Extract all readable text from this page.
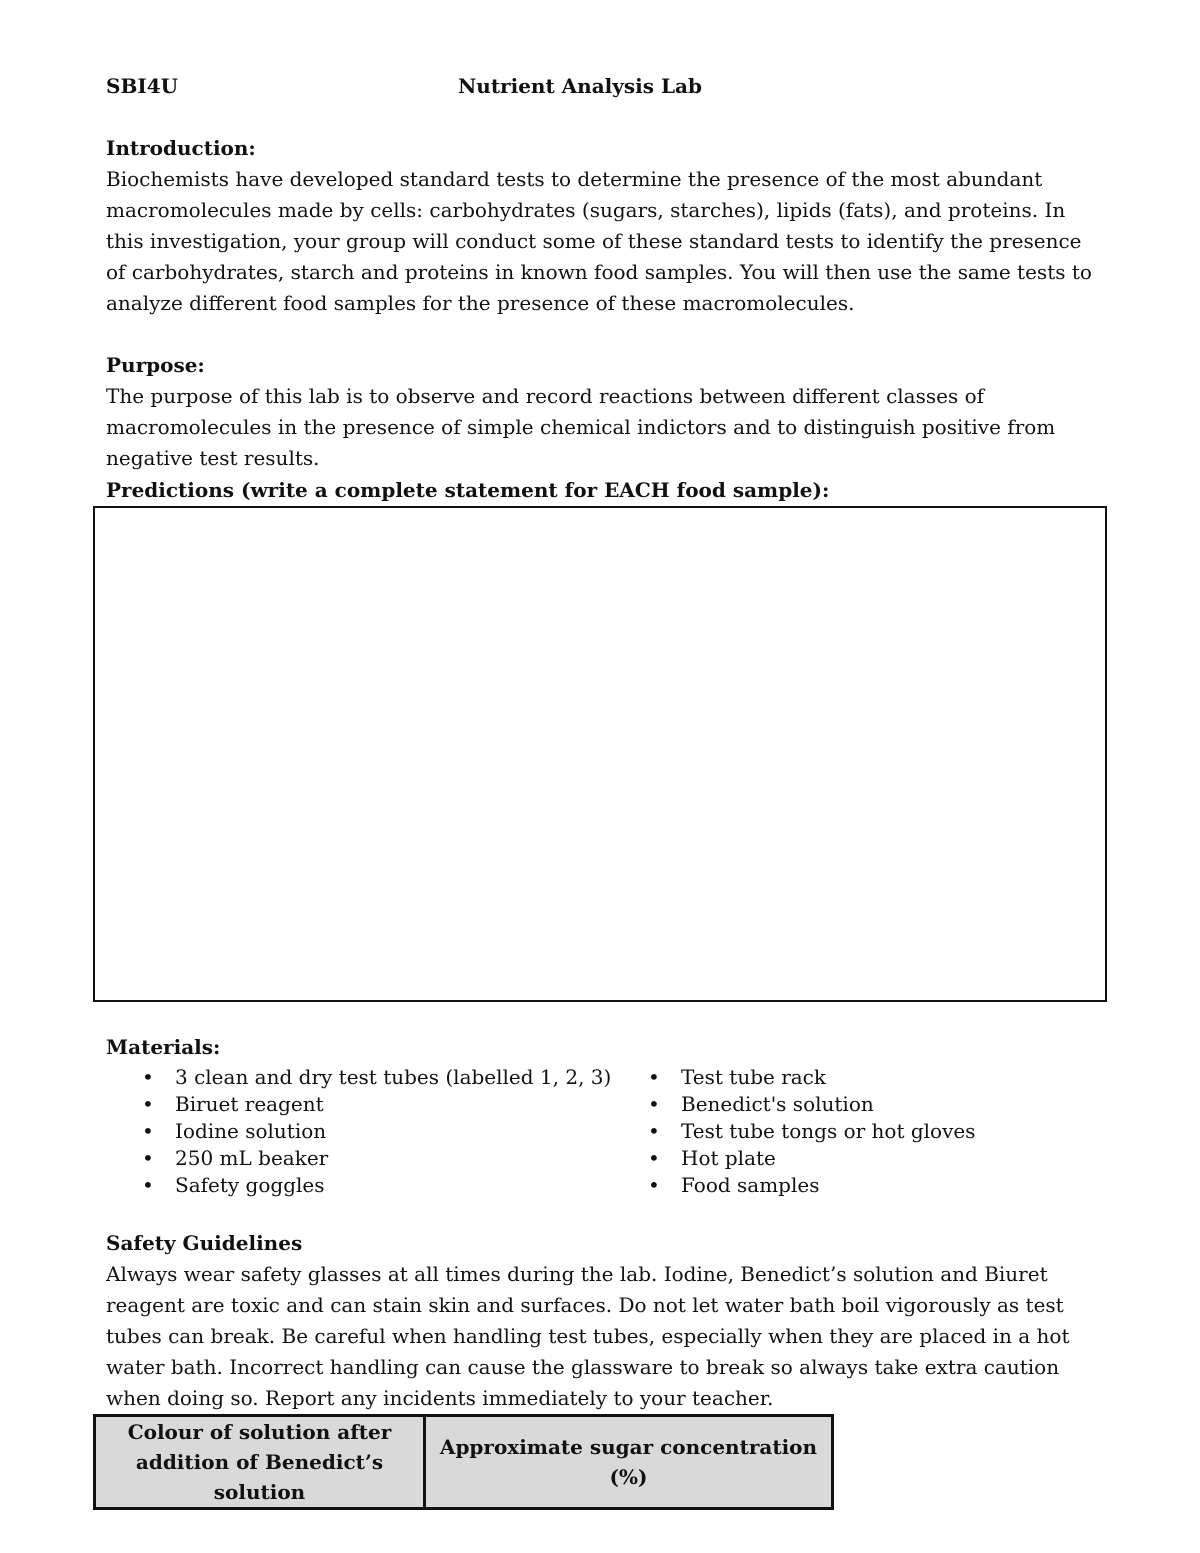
SBI4U	Nutrient Analysis Lab
Introduction:
Biochemists have developed standard tests to determine the presence of the most abundant macromolecules made by cells: carbohydrates (sugars, starches), lipids (fats), and proteins. In this investigation, your group will conduct some of these standard tests to identify the presence of carbohydrates, starch and proteins in known food samples. You will then use the same tests to analyze different food samples for the presence of these macromolecules.
Purpose:
The purpose of this lab is to observe and record reactions between different classes of macromolecules in the presence of simple chemical indictors and to distinguish positive from negative test results.
Predictions (write a complete statement for EACH food sample):
Materials:
• 3 clean and dry test tubes (labelled 1, 2, 3)
• Biruet reagent
• Iodine solution
• 250 mL beaker
• Safety goggles
• Test tube rack
• Benedict's solution
• Test tube tongs or hot gloves
• Hot plate
• Food samples
Safety Guidelines
Always wear safety glasses at all times during the lab. Iodine, Benedict’s solution and Biuret reagent are toxic and can stain skin and surfaces. Do not let water bath boil vigorously as test tubes can break. Be careful when handling test tubes, especially when they are placed in a hot water bath. Incorrect handling can cause the glassware to break so always take extra caution when doing so. Report any incidents immediately to your teacher.
Colour of solution after
addition of Benedict’s solution
	Approximate sugar concentration (%)
